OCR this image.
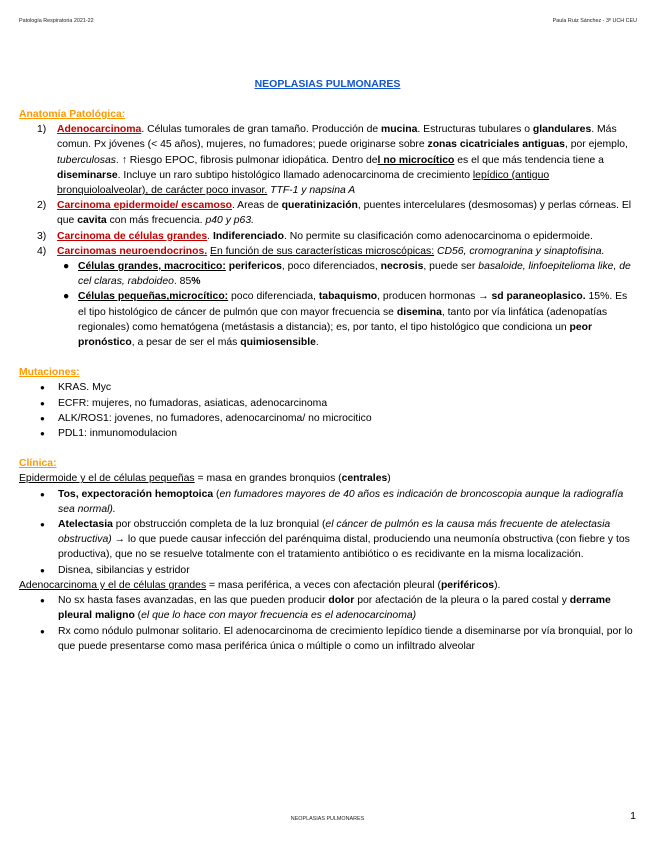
Patología Respiratoria 2021-22	Paula Ruiz Sánchez - 3º UCH CEU
NEOPLASIAS PULMONARES
Anatomía Patológica:
1) Adenocarcinoma. Células tumorales de gran tamaño. Producción de mucina. Estructuras tubulares o glandulares. Más comun. Px jóvenes (< 45 años), mujeres, no fumadores; puede originarse sobre zonas cicatriciales antiguas, por ejemplo, tuberculosas. ↑ Riesgo EPOC, fibrosis pulmonar idiopática. Dentro del no microcítico es el que más tendencia tiene a diseminarse. Incluye un raro subtipo histológico llamado adenocarcinoma de crecimiento lepídico (antiguo bronquioloalveolar), de carácter poco invasor. TTF-1 y napsina A
2) Carcinoma epidermoide/ escamoso. Areas de queratinización, puentes intercelulares (desmosomas) y perlas córneas. El que cavita con más frecuencia. p40 y p63.
3) Carcinoma de células grandes. Indiferenciado. No permite su clasificación como adenocarcinoma o epidermoide.
4) Carcinomas neuroendocrinos. En función de sus características microscópicas: CD56, cromogranina y sinaptofisina.
● Células grandes, macrocitico: perifericos, poco diferenciados, necrosis, puede ser basaloide, linfoepitelioma like, de cel claras, rabdoideo. 85%
● Células pequeñas,microcítico: poco diferenciada, tabaquismo, producen hormonas → sd paraneoplasico. 15%. Es el tipo histológico de cáncer de pulmón que con mayor frecuencia se disemina, tanto por vía linfática (adenopatías regionales) como hematógena (metástasis a distancia); es, por tanto, el tipo histológico que condiciona un peor pronóstico, a pesar de ser el más quimiosensible.
Mutaciones:
● KRAS. Myc
● ECFR: mujeres, no fumadoras, asiaticas, adenocarcinoma
● ALK/ROS1: jovenes, no fumadores, adenocarcinoma/ no microcitico
● PDL1: inmunomodulacion
Clínica:
Epidermoide y el de células pequeñas = masa en grandes bronquios (centrales)
● Tos, expectoración hemoptoica (en fumadores mayores de 40 años es indicación de broncoscopia aunque la radiografía sea normal).
● Atelectasia por obstrucción completa de la luz bronquial (el cáncer de pulmón es la causa más frecuente de atelectasia obstructiva) → lo que puede causar infección del parénquima distal, produciendo una neumonía obstructiva (con fiebre y tos productiva), que no se resuelve totalmente con el tratamiento antibiótico o es recidivante en la misma localización.
● Disnea, sibilancias y estridor
Adenocarcinoma y el de células grandes = masa periférica, a veces con afectación pleural (periféricos).
● No sx hasta fases avanzadas, en las que pueden producir dolor por afectación de la pleura o la pared costal y derrame pleural maligno (el que lo hace con mayor frecuencia es el adenocarcinoma)
● Rx como nódulo pulmonar solitario. El adenocarcinoma de crecimiento lepídico tiende a diseminarse por vía bronquial, por lo que puede presentarse como masa periférica única o múltiple o como un infiltrado alveolar
NEOPLASIAS PULMONARES	1
